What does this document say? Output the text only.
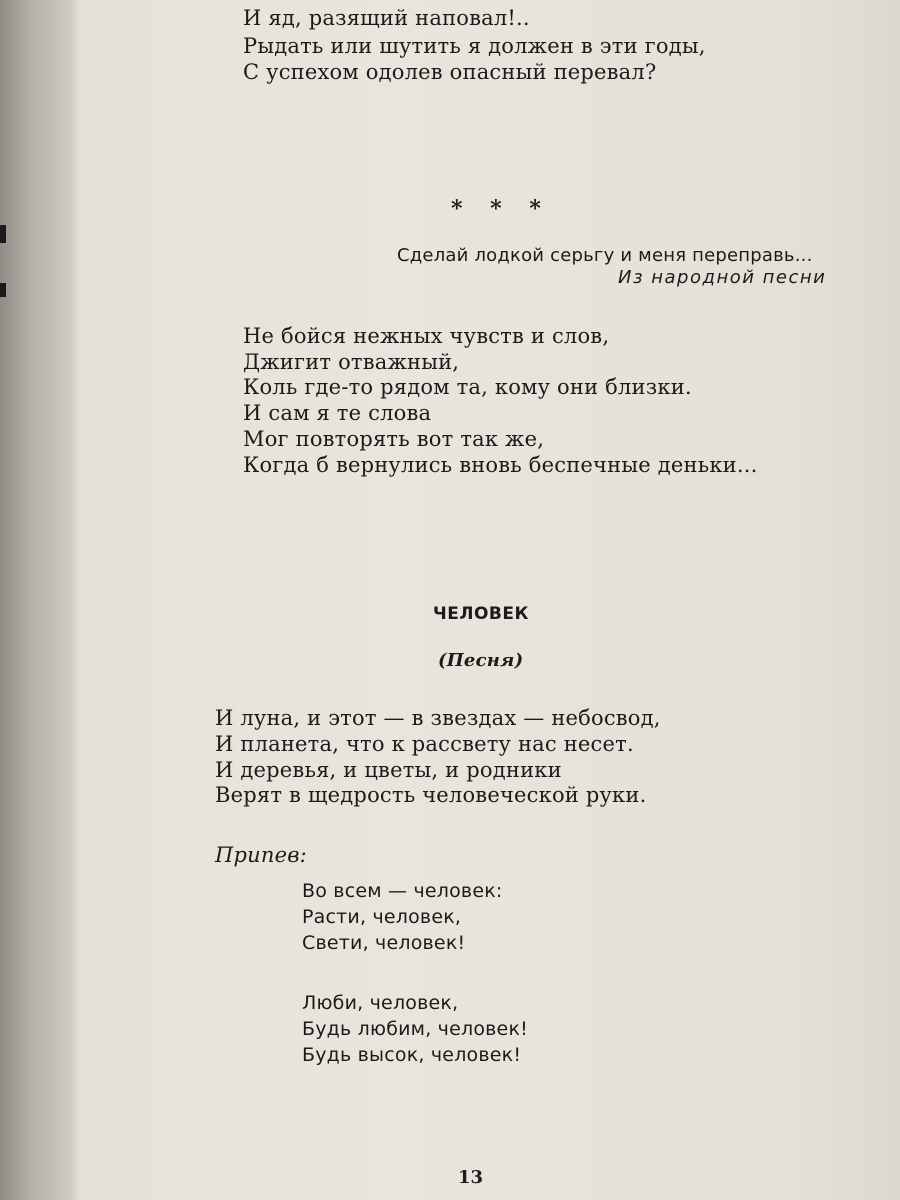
И яд, разящий наповал!..
Рыдать или шутить я должен в эти годы,
С успехом одолев опасный перевал?
* * *
Сделай лодкой серьгу и меня переправь...
Из народной песни
Не бойся нежных чувств и слов,
Джигит отважный,
Коль где-то рядом та, кому они близки.
И сам я те слова
Мог повторять вот так же,
Когда б вернулись вновь беспечные деньки...
ЧЕЛОВЕК
(Песня)
И луна, и этот — в звездах — небосвод,
И планета, что к рассвету нас несет.
И деревья, и цветы, и родники
Верят в щедрость человеческой руки.
Припев:
Во всем — человек:
Расти, человек,
Свети, человек!
Люби, человек,
Будь любим, человек!
Будь высок, человек!
13
